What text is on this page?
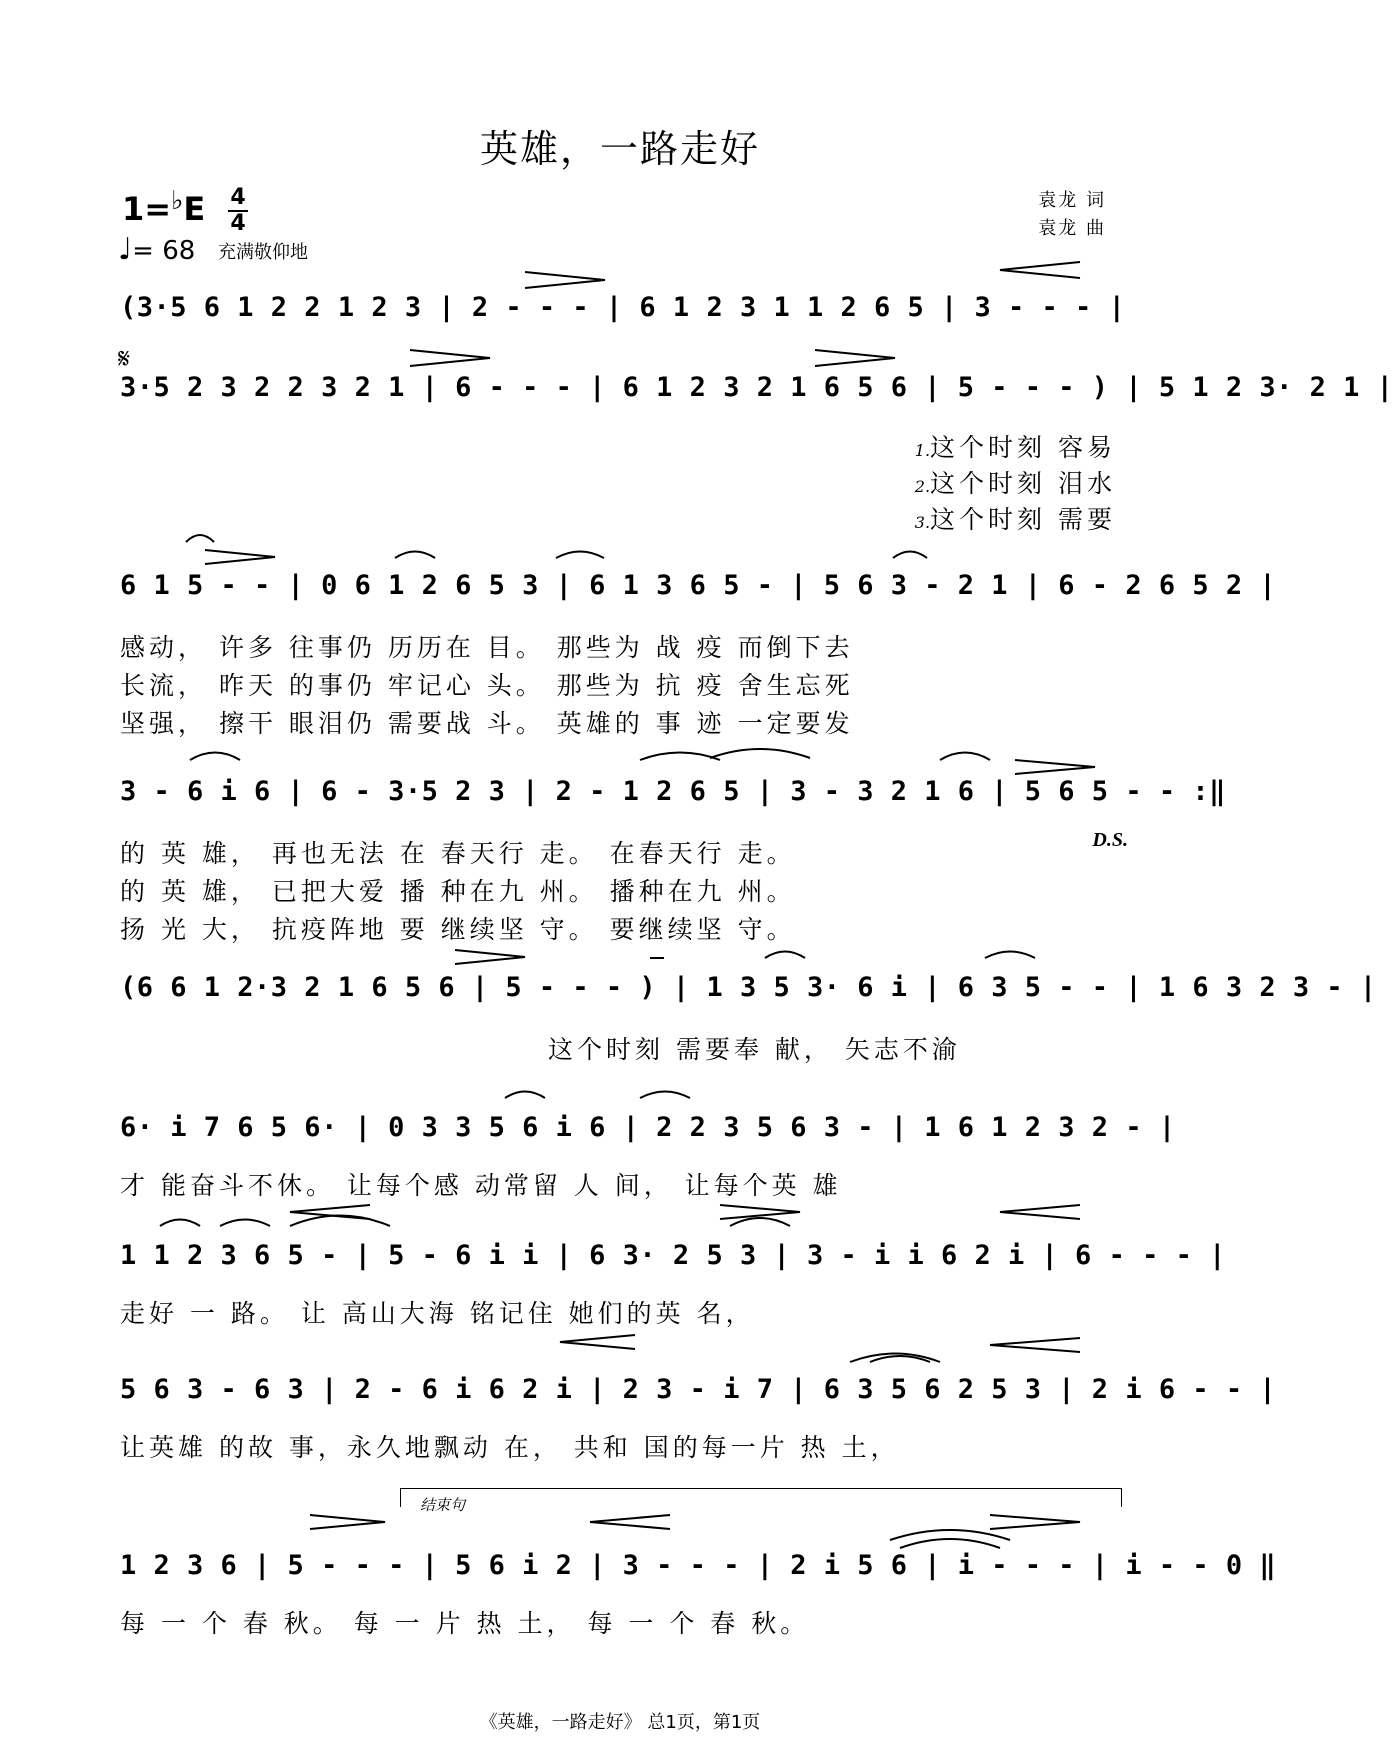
英雄，一路走好
1=♭E 4
4
♩= 68 充满敬仰地
袁龙 词
袁龙 曲
𝄋
(3·5 6 1 2 2 1 2 3 | 2 - - - | 6 1 2 3 1 1 2 6 5 | 3 - - - |
3·5 2 3 2 2 3 2 1 | 6 - - - | 6 1 2 3 2 1 6 5 6 | 5 - - - ) | 5 1 2 3· 2 1 |
6 1 5 - - | 0 6 1 2 6 5 3 | 6 1 3 6 5 - | 5 6 3 - 2 1 | 6 - 2 6 5 2 |
3 - 6 i 6 | 6 - 3·5 2 3 | 2 - 1 2 6 5 | 3 - 3 2 1 6 | 5 6 5 - - :‖
(6 6 1 2·3 2 1 6 5 6 | 5 - - - ) | 1 3 5 3· 6 i | 6 3 5 - - | 1 6 3 2 3 - |
6· i 7 6 5 6· | 0 3 3 5 6 i 6 | 2 2 3 5 6 3 - | 1 6 1 2 3 2 - |
1 1 2 3 6 5 - | 5 - 6 i i | 6 3· 2 5 3 | 3 - i i 6 2 i | 6 - - - |
5 6 3 - 6 3 | 2 - 6 i 6 2 i | 2 3 - i 7 | 6 3 5 6 2 5 3 | 2 i 6 - - |
1 2 3 6 | 5 - - - | 5 6 i 2 | 3 - - - | 2 i 5 6 | i - - - | i - - 0 ‖
1.这个时刻 容易
2.这个时刻 泪水
3.这个时刻 需要
感动， 许多 往事仍 历历在 目。 那些为 战 疫 而倒下去
长流， 昨天 的事仍 牢记心 头。 那些为 抗 疫 舍生忘死
坚强， 擦干 眼泪仍 需要战 斗。 英雄的 事 迹 一定要发
的 英 雄， 再也无法 在 春天行 走。 在春天行 走。
的 英 雄， 已把大爱 播 种在九 州。 播种在九 州。
扬 光 大， 抗疫阵地 要 继续坚 守。 要继续坚 守。
D.S.
这个时刻 需要奉 献， 矢志不渝
才 能奋斗不休。 让每个感 动常留 人 间， 让每个英 雄
走好 一 路。 让 高山大海 铭记住 她们的英 名，
让英雄 的故 事，永久地飘动 在， 共和 国的每一片 热 土，
结束句
每 一 个 春 秋。 每 一 片 热 土， 每 一 个 春 秋。
《英雄，一路走好》 总1页，第1页
